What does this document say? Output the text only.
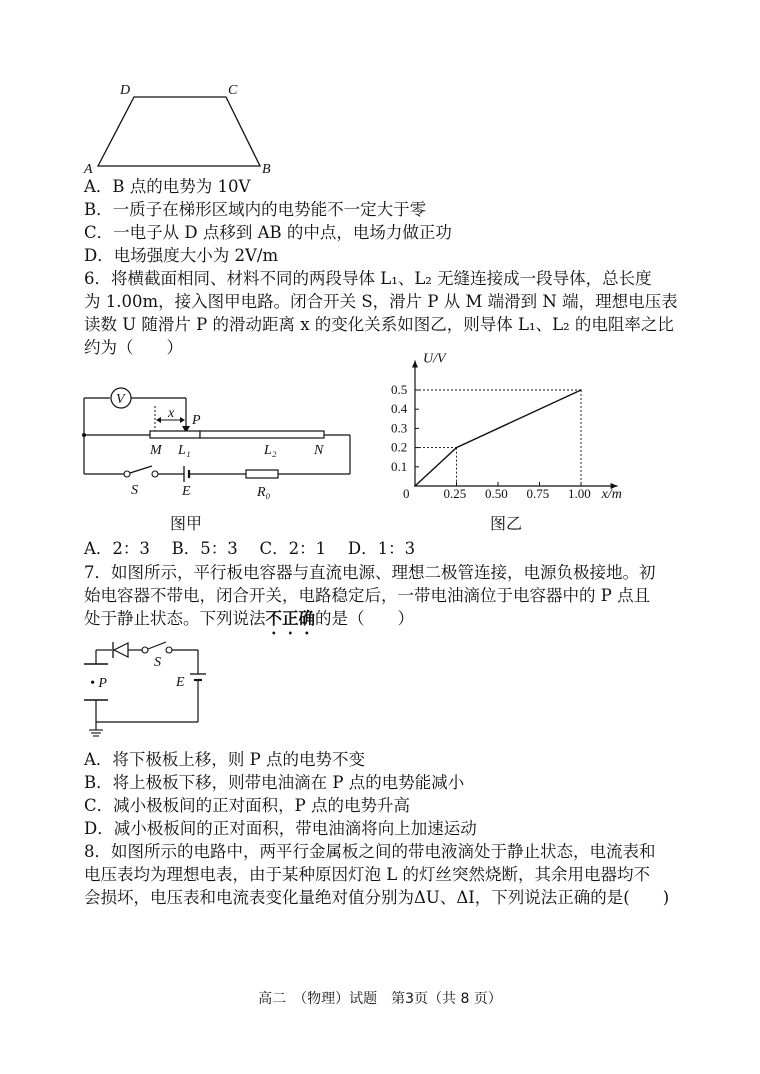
D	C
A	B
A．B 点的电势为 10V
B．一质子在梯形区域内的电势能不一定大于零
C．一电子从 D 点移到 AB 的中点，电场力做正功
D．电场强度大小为 2V/m
6．将横截面相同、材料不同的两段导体 L₁、L₂ 无缝连接成一段导体，总长度
为 1.00m，接入图甲电路。闭合开关 S，滑片 P 从 M 端滑到 N 端，理想电压表
读数 U 随滑片 P 的滑动距离 x 的变化关系如图乙，则导体 L₁、L₂ 的电阻率之比
约为（　　）
V
x P
M L₁	L₂	N
S	E	R₀
图甲
U/V
x/m
0
0.1
0.2
0.3
0.4
0.5
0.25 0.50 0.75 1.00
图乙
A．2：3　 B．5：3　 C．2：1　 D．1：3
7．如图所示，平行板电容器与直流电源、理想二极管连接，电源负极接地。初
始电容器不带电，闭合开关，电路稳定后，一带电油滴位于电容器中的 P 点且
处于静止状态。下列说法不正确的是（　　）
• P
S
E
A．将下极板上移，则 P 点的电势不变
B．将上极板下移，则带电油滴在 P 点的电势能减小
C．减小极板间的正对面积，P 点的电势升高
D．减小极板间的正对面积，带电油滴将向上加速运动
8．如图所示的电路中，两平行金属板之间的带电液滴处于静止状态，电流表和
电压表均为理想电表，由于某种原因灯泡 L 的灯丝突然烧断，其余用电器均不
会损坏，电压表和电流表变化量绝对值分别为ΔU、ΔI，下列说法正确的是(　　)
高二　（物理）试题　第3页（共 8 页）
